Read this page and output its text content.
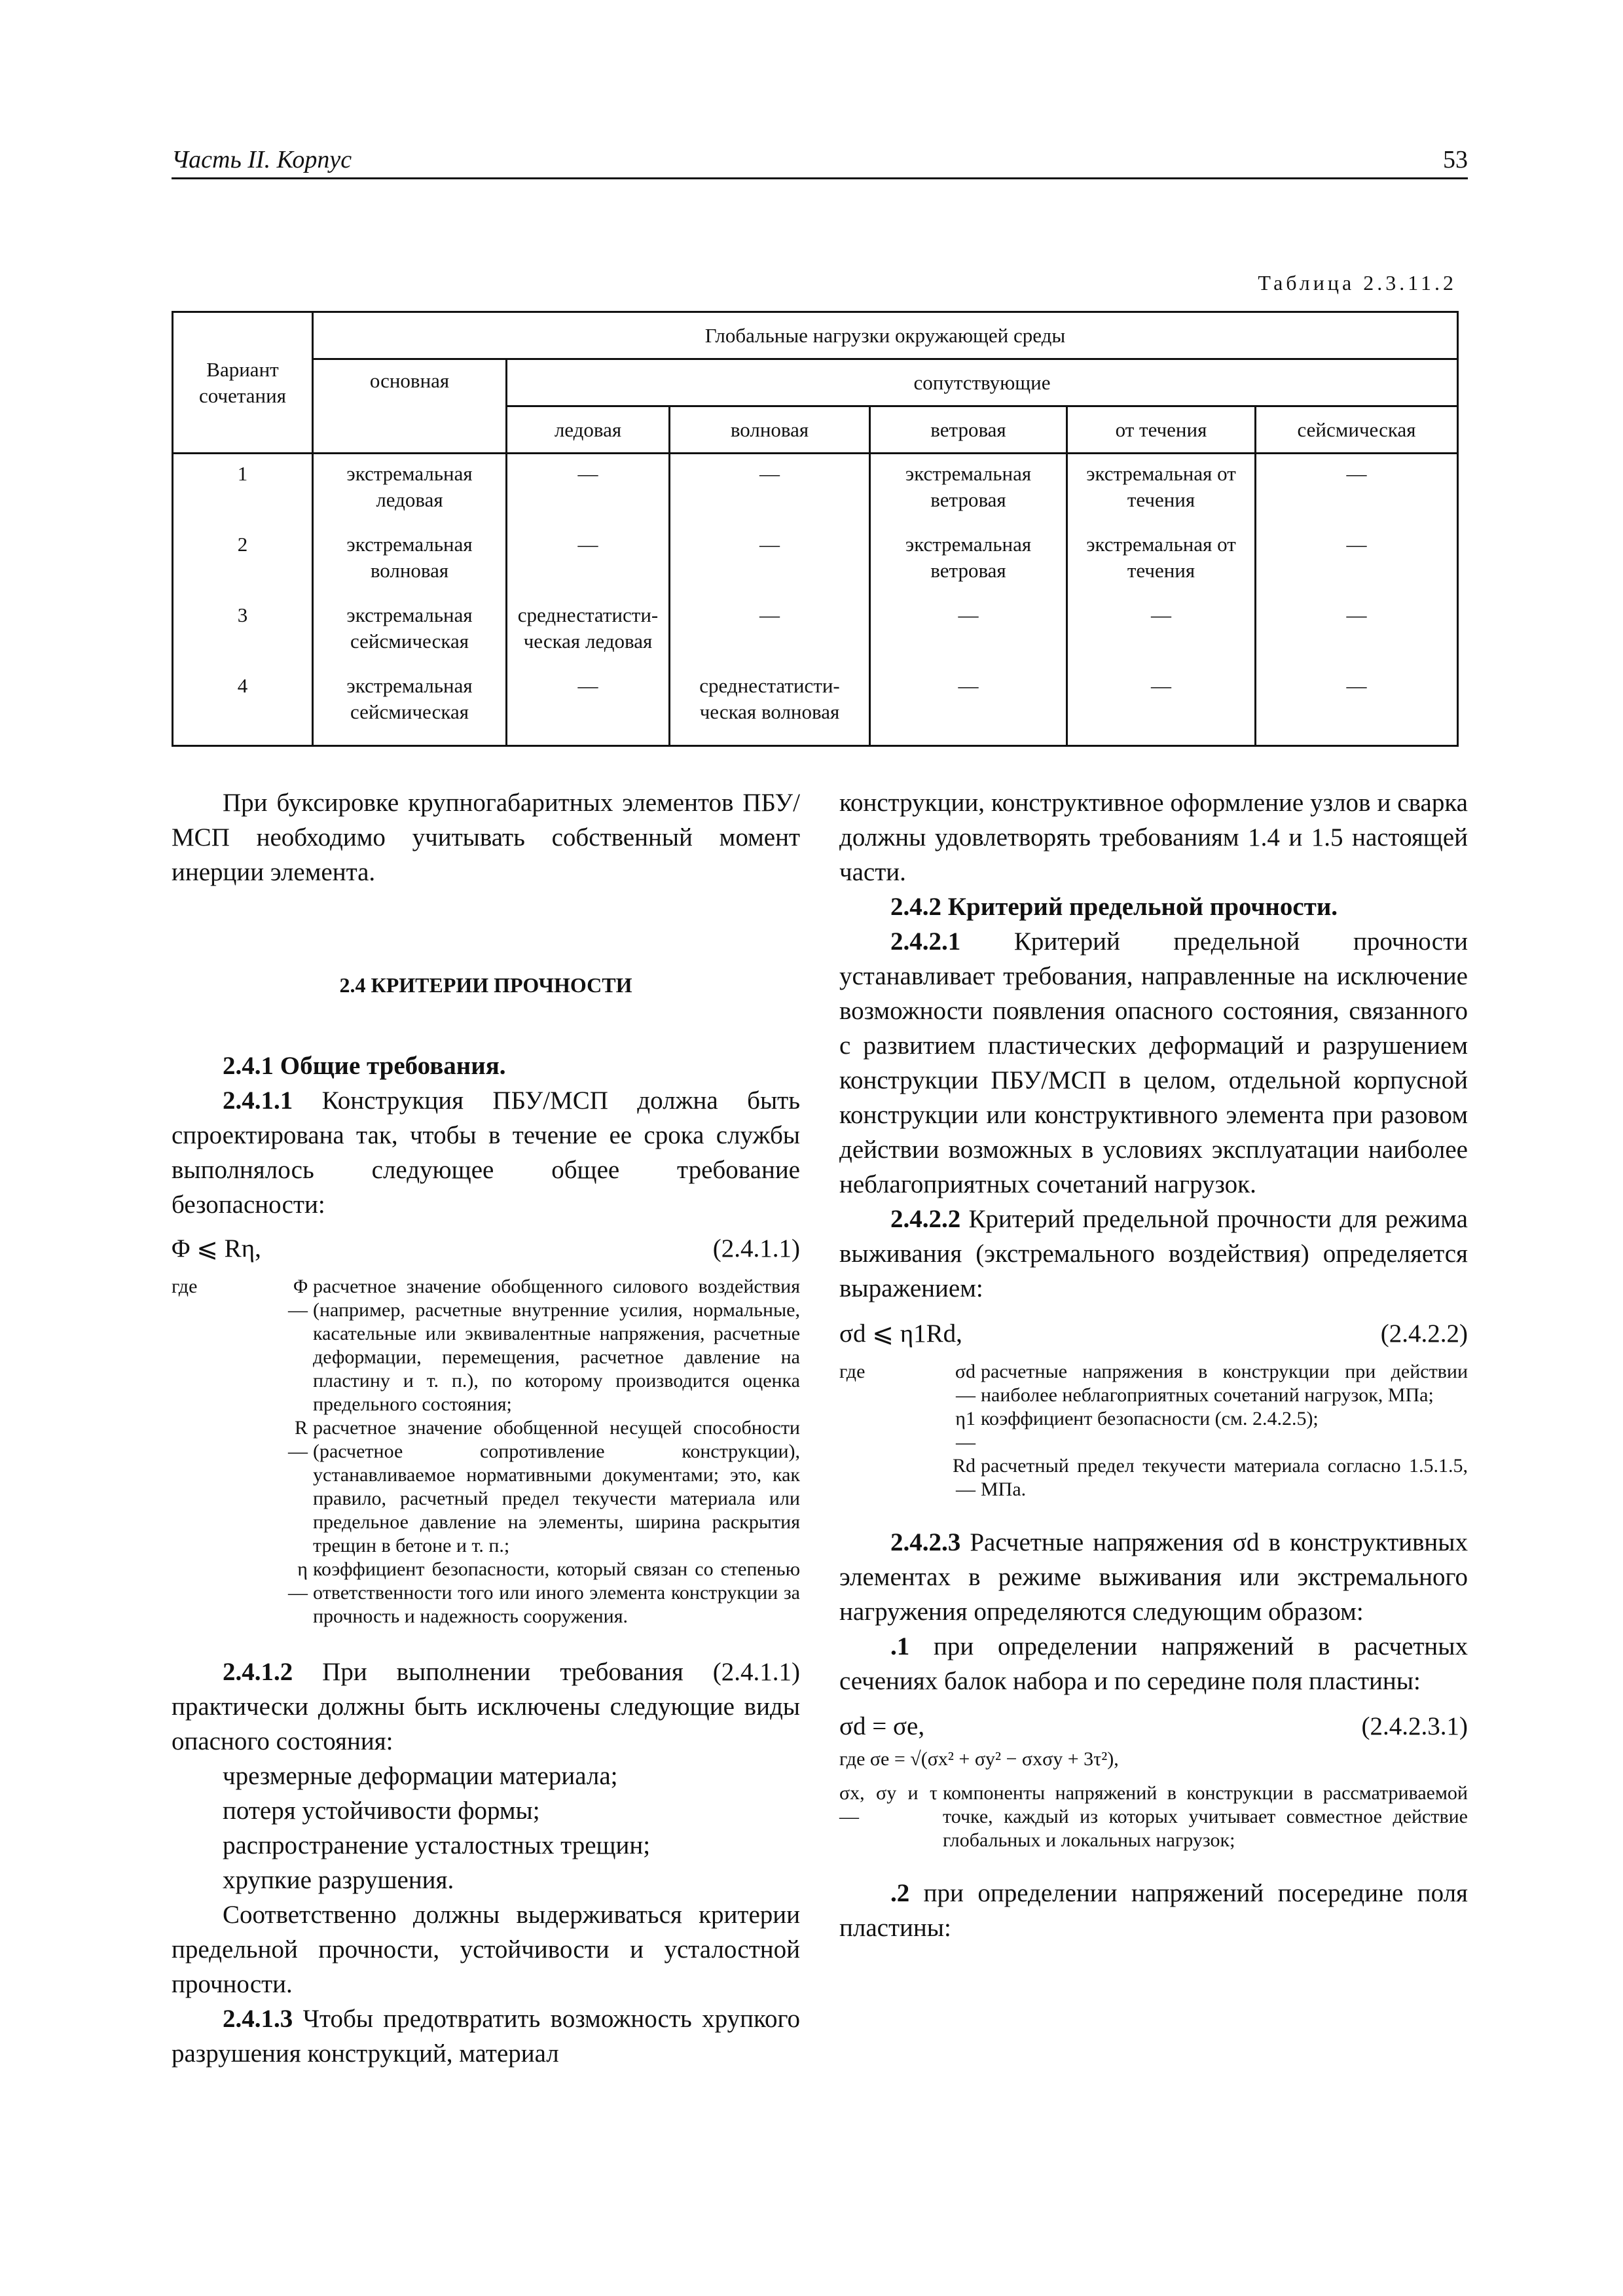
Часть II. Корпус	53
Таблица 2.3.11.2
Вариант сочетания	Глобальные нагрузки окружающей среды					
	основная	сопутствующие				
		ледовая	волновая	ветровая	от течения	сейсмическая
1	экстремальная ледовая	—	—	экстремальная ветровая	экстремальная от течения	—
2	экстремальная волновая	—	—	экстремальная ветровая	экстремальная от течения	—
3	экстремальная сейсмическая	среднестатисти-ческая ледовая	—	—	—	—
4	экстремальная сейсмическая	—	среднестатисти-ческая волновая	—	—	—

При буксировке крупногабаритных элементов ПБУ/МСП необходимо учитывать собственный момент инерции элемента.

2.4 КРИТЕРИИ ПРОЧНОСТИ

2.4.1 Общие требования.

2.4.1.1 Конструкция ПБУ/МСП должна быть спроектирована так, чтобы в течение ее срока службы выполнялось следующее общее требование безопасности:

Φ ⩽ Rη,	(2.4.1.1)
где	Φ —
расчетное значение обобщенного силового воздействия (например, расчетные внутренние усилия, нормальные, касательные или эквивалентные напряжения, расчетные деформации, перемещения, расчетное давление на пластину и т. п.), по которому производится оценка предельного состояния;
R —
расчетное значение обобщенной несущей способности (расчетное сопротивление конструкции), устанавливаемое нормативными документами; это, как правило, расчетный предел текучести материала или предельное давление на элементы, ширина раскрытия трещин в бетоне и т. п.;
η —
коэффициент безопасности, который связан со степенью ответственности того или иного элемента конструкции за прочность и надежность сооружения.

2.4.1.2 При выполнении требования (2.4.1.1) практически должны быть исключены следующие виды опасного состояния:

чрезмерные деформации материала;

потеря устойчивости формы;

распространение усталостных трещин;

хрупкие разрушения.

Соответственно должны выдерживаться критерии предельной прочности, устойчивости и усталостной прочности.

2.4.1.3 Чтобы предотвратить возможность хрупкого разрушения конструкций, материал

конструкции, конструктивное оформление узлов и сварка должны удовлетворять требованиям 1.4 и 1.5 настоящей части.

2.4.2 Критерий предельной прочности.

2.4.2.1 Критерий предельной прочности устанавливает требования, направленные на исключение возможности появления опасного состояния, связанного с развитием пластических деформаций и разрушением конструкции ПБУ/МСП в целом, отдельной корпусной конструкции или конструктивного элемента при разовом действии возможных в условиях эксплуатации наиболее неблагоприятных сочетаний нагрузок.

2.4.2.2 Критерий предельной прочности для режима выживания (экстремального воздействия) определяется выражением:

σd ⩽ η1Rd,	(2.4.2.2)
где	σd —
расчетные напряжения в конструкции при действии наиболее неблагоприятных сочетаний нагрузок, МПа;
η1—
коэффициент безопасности (см. 2.4.2.5);
Rd —
расчетный предел текучести материала согласно 1.5.1.5, МПа.

2.4.2.3 Расчетные напряжения σd в конструктивных элементах в режиме выживания или экстремального нагружения определяются следующим образом:

.1 при определении напряжений в расчетных сечениях балок набора и по середине поля пластины:

σd = σe,	(2.4.2.3.1)

где σe = √(σx² + σy² − σxσy + 3τ²),

σx, σy и τ —
компоненты напряжений в конструкции в рассматриваемой точке, каждый из которых учитывает совместное действие глобальных и локальных нагрузок;

.2 при определении напряжений посередине поля пластины:
